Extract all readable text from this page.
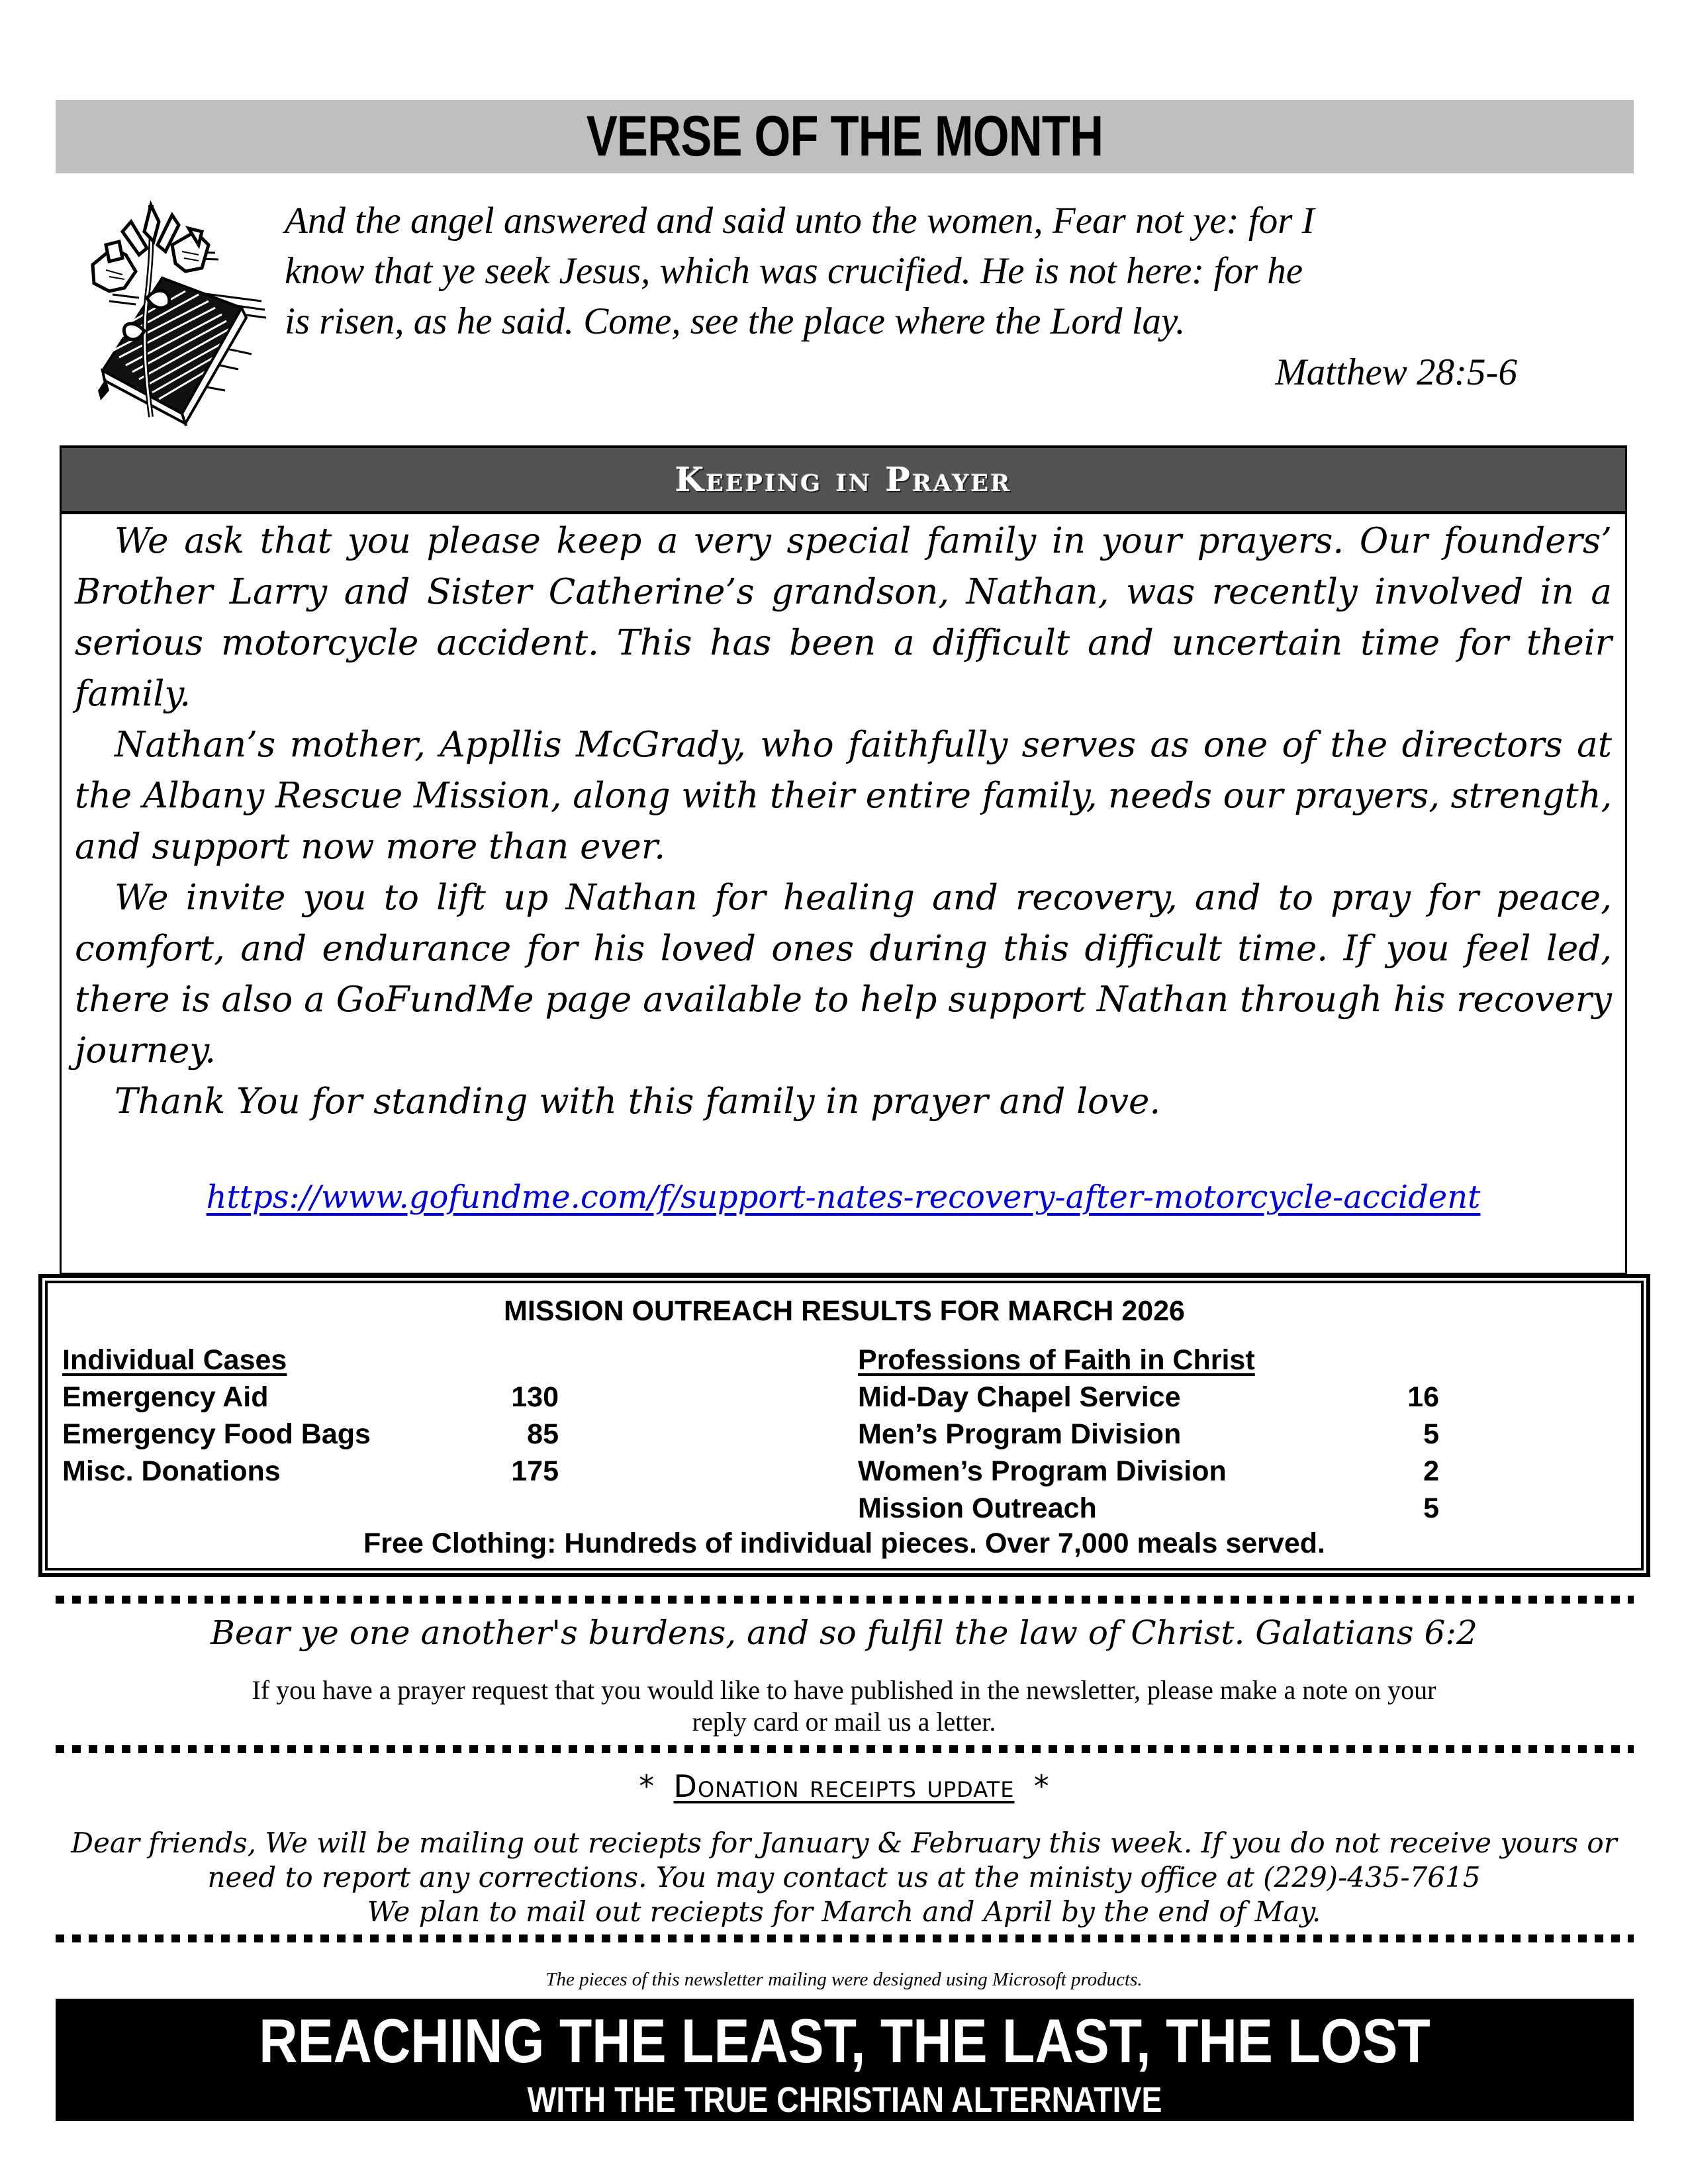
VERSE OF THE MONTH
And the angel answered and said unto the women, Fear not ye: for I
know that ye seek Jesus, which was crucified. He is not here: for he
is risen, as he said. Come, see the place where the Lord lay.
Matthew 28:5-6
Keeping in Prayer
We ask that you please keep a very special family in your prayers. Our founders’
Brother Larry and Sister Catherine’s grandson, Nathan, was recently involved in a
serious motorcycle accident. This has been a difficult and uncertain time for their
family.
Nathan’s mother, Appllis McGrady, who faithfully serves as one of the directors at
the Albany Rescue Mission, along with their entire family, needs our prayers, strength,
and support now more than ever.
We invite you to lift up Nathan for healing and recovery, and to pray for peace,
comfort, and endurance for his loved ones during this difficult time. If you feel led,
there is also a GoFundMe page available to help support Nathan through his recovery
journey.
Thank You for standing with this family in prayer and love.
https://www.gofundme.com/f/support-nates-recovery-after-motorcycle-accident
MISSION OUTREACH RESULTS FOR MARCH 2026
Individual Cases
Emergency Aid	130
Emergency Food Bags	85
Misc. Donations	175
Professions of Faith in Christ
Mid-Day Chapel Service	16
Men’s Program Division	5
Women’s Program Division	2
Mission Outreach	5
Free Clothing: Hundreds of individual pieces. Over 7,000 meals served.
Bear ye one another's burdens, and so fulfil the law of Christ. Galatians 6:2
If you have a prayer request that you would like to have published in the newsletter, please make a note on your
reply card or mail us a letter.
* Donation receipts update *
Dear friends, We will be mailing out reciepts for January & February this week. If you do not receive yours or
need to report any corrections. You may contact us at the ministy office at (229)-435-7615
We plan to mail out reciepts for March and April by the end of May.
The pieces of this newsletter mailing were designed using Microsoft products.
REACHING THE LEAST, THE LAST, THE LOST
WITH THE TRUE CHRISTIAN ALTERNATIVE
